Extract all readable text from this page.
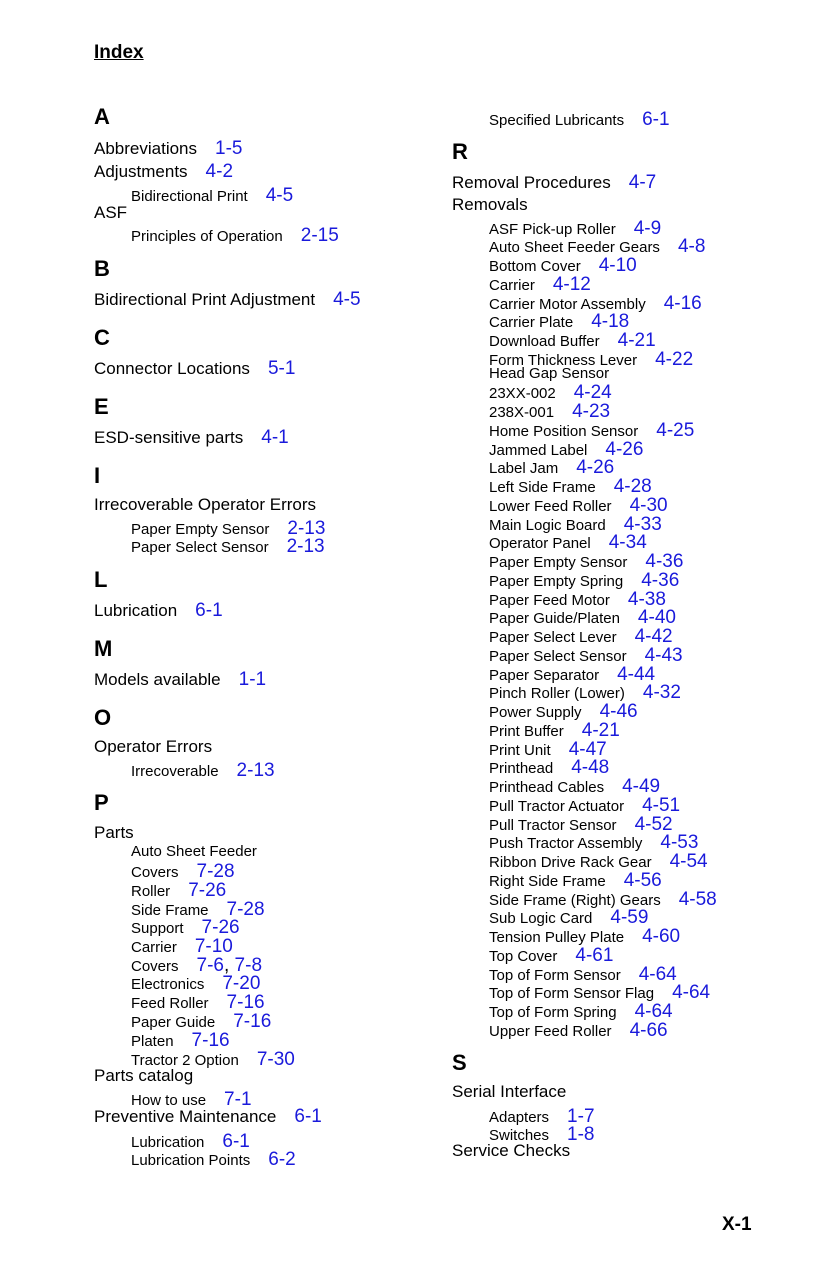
Index
A
Abbreviations 1-5
Adjustments 4-2
Bidirectional Print 4-5
ASF
Principles of Operation 2-15
B
Bidirectional Print Adjustment 4-5
C
Connector Locations 5-1
E
ESD-sensitive parts 4-1
I
Irrecoverable Operator Errors
Paper Empty Sensor 2-13
Paper Select Sensor 2-13
L
Lubrication 6-1
M
Models available 1-1
O
Operator Errors
Irrecoverable 2-13
P
Parts
Auto Sheet Feeder
Covers 7-28
Roller 7-26
Side Frame 7-28
Support 7-26
Carrier 7-10
Covers 7-6, 7-8
Electronics 7-20
Feed Roller 7-16
Paper Guide 7-16
Platen 7-16
Tractor 2 Option 7-30
Parts catalog
How to use 7-1
Preventive Maintenance 6-1
Lubrication 6-1
Lubrication Points 6-2
Specified Lubricants 6-1
R
Removal Procedures 4-7
Removals
ASF Pick-up Roller 4-9
Auto Sheet Feeder Gears 4-8
Bottom Cover 4-10
Carrier 4-12
Carrier Motor Assembly 4-16
Carrier Plate 4-18
Download Buffer 4-21
Form Thickness Lever 4-22
Head Gap Sensor
23XX-002 4-24
238X-001 4-23
Home Position Sensor 4-25
Jammed Label 4-26
Label Jam 4-26
Left Side Frame 4-28
Lower Feed Roller 4-30
Main Logic Board 4-33
Operator Panel 4-34
Paper Empty Sensor 4-36
Paper Empty Spring 4-36
Paper Feed Motor 4-38
Paper Guide/Platen 4-40
Paper Select Lever 4-42
Paper Select Sensor 4-43
Paper Separator 4-44
Pinch Roller (Lower) 4-32
Power Supply 4-46
Print Buffer 4-21
Print Unit 4-47
Printhead 4-48
Printhead Cables 4-49
Pull Tractor Actuator 4-51
Pull Tractor Sensor 4-52
Push Tractor Assembly 4-53
Ribbon Drive Rack Gear 4-54
Right Side Frame 4-56
Side Frame (Right) Gears 4-58
Sub Logic Card 4-59
Tension Pulley Plate 4-60
Top Cover 4-61
Top of Form Sensor 4-64
Top of Form Sensor Flag 4-64
Top of Form Spring 4-64
Upper Feed Roller 4-66
S
Serial Interface
Adapters 1-7
Switches 1-8
Service Checks
X-1
